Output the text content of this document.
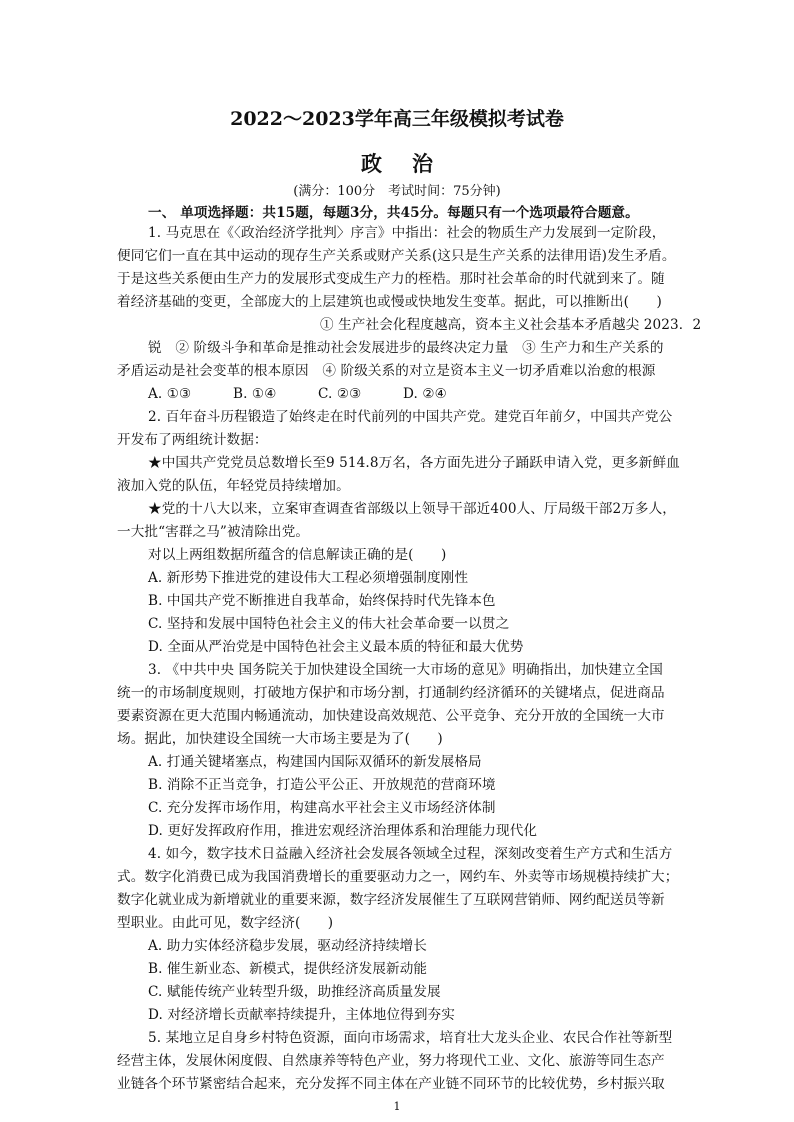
2022～2023学年高三年级模拟考试卷
政治
(满分：100分　考试时间：75分钟)
一、 单项选择题：共15题，每题3分，共45分。每题只有一个选项最符合题意。
1. 马克思在《〈政治经济学批判〉序言》中指出：社会的物质生产力发展到一定阶段，
便同它们一直在其中运动的现存生产关系或财产关系(这只是生产关系的法律用语)发生矛盾。
于是这些关系便由生产力的发展形式变成生产力的桎梏。那时社会革命的时代就到来了。随
着经济基础的变更，全部庞大的上层建筑也或慢或快地发生变革。据此，可以推断出(　　)
① 生产社会化程度越高，资本主义社会基本矛盾越尖 2023．2
锐　② 阶级斗争和革命是推动社会发展进步的最终决定力量　③ 生产力和生产关系的
矛盾运动是社会变革的根本原因　④ 阶级关系的对立是资本主义一切矛盾难以治愈的根源
A. ①③	B. ①④	C. ②③	D. ②④
2. 百年奋斗历程锻造了始终走在时代前列的中国共产党。建党百年前夕，中国共产党公
开发布了两组统计数据：
★中国共产党党员总数增长至9 514.8万名，各方面先进分子踊跃申请入党，更多新鲜血
液加入党的队伍，年轻党员持续增加。
★党的十八大以来，立案审查调查省部级以上领导干部近400人、厅局级干部2万多人，
一大批“害群之马”被清除出党。
对以上两组数据所蕴含的信息解读正确的是(　　)
A. 新形势下推进党的建设伟大工程必须增强制度刚性
B. 中国共产党不断推进自我革命，始终保持时代先锋本色
C. 坚持和发展中国特色社会主义的伟大社会革命要一以贯之
D. 全面从严治党是中国特色社会主义最本质的特征和最大优势
3. 《中共中央 国务院关于加快建设全国统一大市场的意见》明确指出，加快建立全国
统一的市场制度规则，打破地方保护和市场分割，打通制约经济循环的关键堵点，促进商品
要素资源在更大范围内畅通流动，加快建设高效规范、公平竞争、充分开放的全国统一大市
场。据此，加快建设全国统一大市场主要是为了(　　)
A. 打通关键堵塞点，构建国内国际双循环的新发展格局
B. 消除不正当竞争，打造公平公正、开放规范的营商环境
C. 充分发挥市场作用，构建高水平社会主义市场经济体制
D. 更好发挥政府作用，推进宏观经济治理体系和治理能力现代化
4. 如今，数字技术日益融入经济社会发展各领域全过程，深刻改变着生产方式和生活方
式。数字化消费已成为我国消费增长的重要驱动力之一，网约车、外卖等市场规模持续扩大；
数字化就业成为新增就业的重要来源，数字经济发展催生了互联网营销师、网约配送员等新
型职业。由此可见，数字经济(　　)
A. 助力实体经济稳步发展，驱动经济持续增长
B. 催生新业态、新模式，提供经济发展新动能
C. 赋能传统产业转型升级，助推经济高质量发展
D. 对经济增长贡献率持续提升，主体地位得到夯实
5. 某地立足自身乡村特色资源，面向市场需求，培育壮大龙头企业、农民合作社等新型
经营主体，发展休闲度假、自然康养等特色产业，努力将现代工业、文化、旅游等同生态产
业链各个环节紧密结合起来，充分发挥不同主体在产业链不同环节的比较优势，乡村振兴取
1
